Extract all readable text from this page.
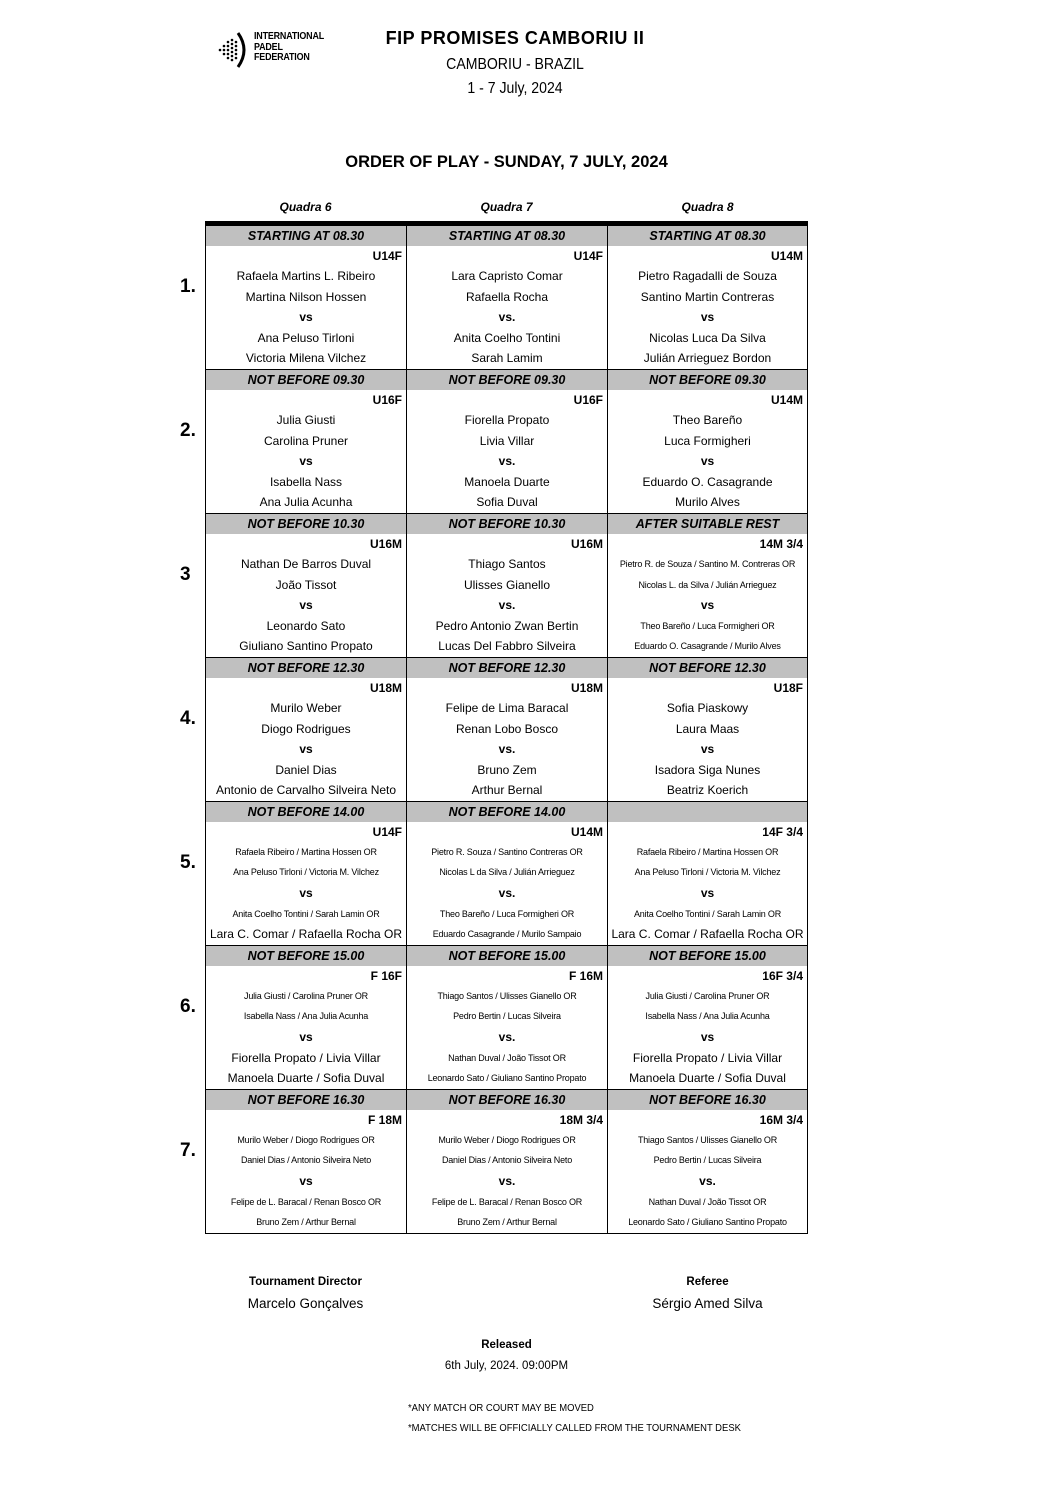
INTERNATIONAL
PADEL
FEDERATION
FIP PROMISES CAMBORIU II
CAMBORIU - BRAZIL
1 - 7 July, 2024
ORDER OF PLAY - SUNDAY, 7 JULY, 2024
Quadra 6	Quadra 7	Quadra 8
1.
STARTING AT 08.30
U14F
Rafaela Martins L. Ribeiro
Martina Nilson Hossen
vs
Ana Peluso Tirloni
Victoria Milena Vilchez
STARTING AT 08.30
U14F
Lara Capristo Comar
Rafaella Rocha
vs.
Anita Coelho Tontini
Sarah Lamim
STARTING AT 08.30
U14M
Pietro Ragadalli de Souza
Santino Martin Contreras
vs
Nicolas Luca Da Silva
Julián Arrieguez Bordon
2.
NOT BEFORE 09.30
U16F
Julia Giusti
Carolina Pruner
vs
Isabella Nass
Ana Julia Acunha
NOT BEFORE 09.30
U16F
Fiorella Propato
Livia Villar
vs.
Manoela Duarte
Sofia Duval
NOT BEFORE 09.30
U14M
Theo Bareño
Luca Formigheri
vs
Eduardo O. Casagrande
Murilo Alves
3
NOT BEFORE 10.30
U16M
Nathan De Barros Duval
João Tissot
vs
Leonardo Sato
Giuliano Santino Propato
NOT BEFORE 10.30
U16M
Thiago Santos
Ulisses Gianello
vs.
Pedro Antonio Zwan Bertin
Lucas Del Fabbro Silveira
AFTER SUITABLE REST
14M 3/4
Pietro R. de Souza / Santino M. Contreras OR
Nicolas L. da Silva / Julián Arrieguez
vs
Theo Bareño / Luca Formigheri OR
Eduardo O. Casagrande / Murilo Alves
4.
NOT BEFORE 12.30
U18M
Murilo Weber
Diogo Rodrigues
vs
Daniel Dias
Antonio de Carvalho Silveira Neto
NOT BEFORE 12.30
U18M
Felipe de Lima Baracal
Renan Lobo Bosco
vs.
Bruno Zem
Arthur Bernal
NOT BEFORE 12.30
U18F
Sofia Piaskowy
Laura Maas
vs
Isadora Siga Nunes
Beatriz Koerich
5.
NOT BEFORE 14.00
U14F
Rafaela Ribeiro / Martina Hossen OR
Ana Peluso Tirloni / Victoria M. Vilchez
vs
Anita Coelho Tontini / Sarah Lamin OR
Lara C. Comar / Rafaella Rocha OR
NOT BEFORE 14.00
U14M
Pietro R. Souza / Santino Contreras OR
Nicolas L da Silva / Julián Arrieguez
vs.
Theo Bareño / Luca Formigheri OR
Eduardo Casagrande / Murilo Sampaio
14F 3/4
Rafaela Ribeiro / Martina Hossen OR
Ana Peluso Tirloni / Victoria M. Vilchez
vs
Anita Coelho Tontini / Sarah Lamin OR
Lara C. Comar / Rafaella Rocha OR
6.
NOT BEFORE 15.00
F 16F
Julia Giusti / Carolina Pruner OR
Isabella Nass / Ana Julia Acunha
vs
Fiorella Propato / Livia Villar
Manoela Duarte / Sofia Duval
NOT BEFORE 15.00
F 16M
Thiago Santos / Ulisses Gianello OR
Pedro Bertin / Lucas Silveira
vs.
Nathan Duval / João Tissot OR
Leonardo Sato / Giuliano Santino Propato
NOT BEFORE 15.00
16F 3/4
Julia Giusti / Carolina Pruner OR
Isabella Nass / Ana Julia Acunha
vs
Fiorella Propato / Livia Villar
Manoela Duarte / Sofia Duval
7.
NOT BEFORE 16.30
F 18M
Murilo Weber / Diogo Rodrigues OR
Daniel Dias / Antonio Silveira Neto
vs
Felipe de L. Baracal / Renan Bosco OR
Bruno Zem / Arthur Bernal
NOT BEFORE 16.30
18M 3/4
Murilo Weber / Diogo Rodrigues OR
Daniel Dias / Antonio Silveira Neto
vs.
Felipe de L. Baracal / Renan Bosco OR
Bruno Zem / Arthur Bernal
NOT BEFORE 16.30
16M 3/4
Thiago Santos / Ulisses Gianello OR
Pedro Bertin / Lucas Silveira
vs.
Nathan Duval / João Tissot OR
Leonardo Sato / Giuliano Santino Propato
Tournament Director
Marcelo Gonçalves
Referee
Sérgio Amed Silva
Released
6th July, 2024. 09:00PM
*ANY MATCH OR COURT MAY BE MOVED
*MATCHES WILL BE OFFICIALLY CALLED FROM THE TOURNAMENT DESK
